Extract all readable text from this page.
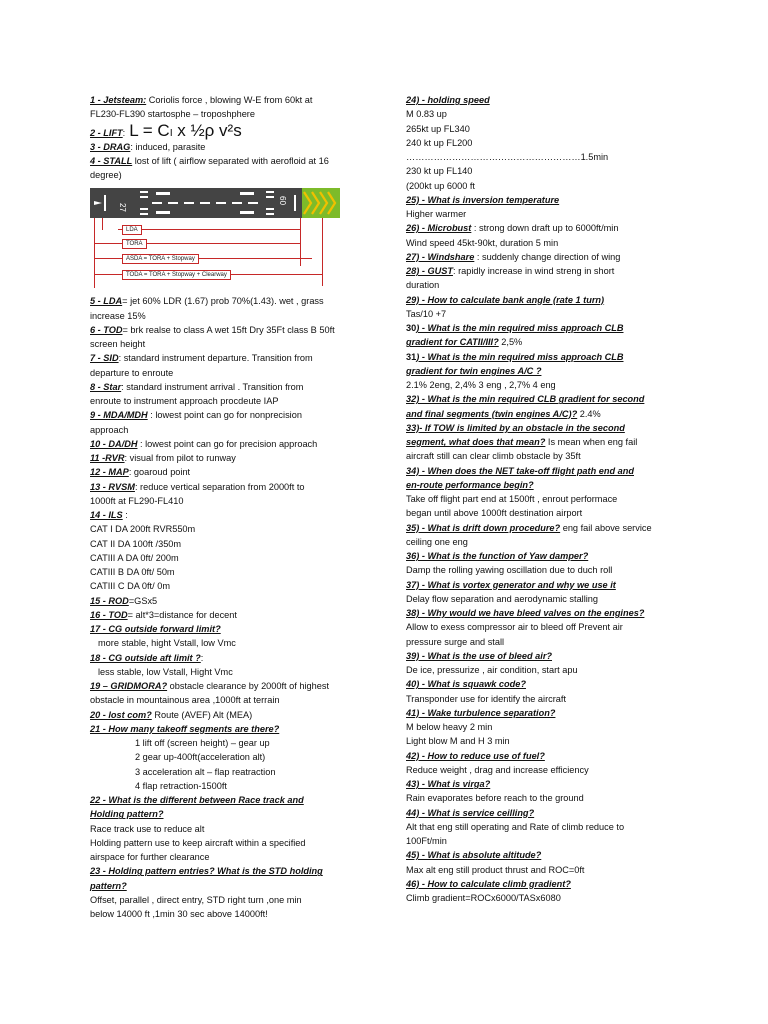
1 - Jetsteam: Coriolis force , blowing W-E from 60kt at
FL230-FL390 startosphe – troposhphere
2 - LIFT : L = Cₗ x ½ρ v²s
3 - DRAG: induced, parasite
4 - STALL lost of lift ( airflow separated with aerofloid at 16
degree)
27
09
LDA
TORA
ASDA = TORA + Stopway
TODA = TORA + Stopway + Clearway
5 - LDA= jet 60% LDR (1.67) prob 70%(1.43). wet , grass
increase 15%
6 - TOD= brk realse to class A wet 15ft Dry 35Ft class B 50ft
screen height
7 - SID: standard instrument departure. Transition from
departure to enroute
8 - Star: standard instrument arrival . Transition from
enroute to instrument approach procdeute IAP
9 - MDA/MDH : lowest point can go for nonprecision
approach
10 - DA/DH : lowest point can go for precision approach
11 -RVR: visual from pilot to runway
12 - MAP: goaroud point
13 - RVSM: reduce vertical separation from 2000ft to
1000ft at FL290-FL410
14 - ILS :
CAT I DA 200ft RVR550m
CAT II DA 100ft /350m
CATIII A DA 0ft/ 200m
CATIII B DA 0ft/ 50m
CATIII C DA 0ft/ 0m
15 - ROD=GSx5
16 - TOD= alt*3=distance for decent
17 - CG outside forward limit?
more stable, hight Vstall, low Vmc
18 - CG outside aft limit ?:
less stable, low Vstall, Hight Vmc
19 – GRIDMORA? obstacle clearance by 2000ft of highest
obstacle in mountainous area ,1000ft at terrain
20 - lost com? Route (AVEF) Alt (MEA)
21 - How many takeoff segments are there?
1 lift off (screen height) – gear up
2 gear up-400ft(acceleration alt)
3 acceleration alt – flap reatraction
4 flap retraction-1500ft
22 - What is the different between Race track and
Holding pattern?
Race track use to reduce alt
Holding pattern use to keep aircraft within a specified
airspace for further clearance
23 - Holding pattern entries? What is the STD holding
pattern?
Offset, parallel , direct entry, STD right turn ,one min
below 14000 ft ,1min 30 sec above 14000ft!
24) - holding speed
M 0.83 up
265kt up FL340
240 kt up FL200
…………………………………………………1.5min
230 kt up FL140
(200kt up 6000 ft
25) - What is inversion temperature
Higher warmer
26) - Microbust : strong down draft up to 6000ft/min
Wind speed 45kt-90kt, duration 5 min
27) - Windshare : suddenly change direction of wing
28) - GUST: rapidly increase in wind streng in short
duration
29) - How to calculate bank angle (rate 1 turn)
Tas/10 +7
30) - What is the min required miss approach CLB
gradient for CATII/III? 2,5%
31) - What is the min required miss approach CLB
gradient for twin engines A/C ?
2.1% 2eng, 2,4% 3 eng , 2,7% 4 eng
32) - What is the min required CLB gradient for second
and final segments (twin engines A/C)? 2.4%
33)- If TOW is limited by an obstacle in the second
segment, what does that mean? Is mean when eng fail
aircraft still can clear climb obstacle by 35ft
34) - When does the NET take-off flight path end and
en-route performance begin?
Take off flight part end at 1500ft , enrout performace
began until above 1000ft destination airport
35) - What is drift down procedure? eng fail above service
ceiling one eng
36) - What is the function of Yaw damper?
Damp the rolling yawing oscillation due to duch roll
37) - What is vortex generator and why we use it
Delay flow separation and aerodynamic stalling
38) - Why would we have bleed valves on the engines?
Allow to exess compressor air to bleed off Prevent air
pressure surge and stall
39) - What is the use of bleed air?
De ice, pressurize , air condition, start apu
40) - What is squawk code?
Transponder use for identify the aircraft
41) - Wake turbulence separation?
M below heavy 2 min
Light blow M and H 3 min
42) - How to reduce use of fuel?
Reduce weight , drag and increase efficiency
43) - What is virga?
Rain evaporates before reach to the ground
44) - What is service ceilling?
Alt that eng still operating and Rate of climb reduce to
100Ft/min
45) - What is absolute altitude?
Max alt eng still product thrust and ROC=0ft
46) - How to calculate climb gradient?
Climb gradient=ROCx6000/TASx6080
